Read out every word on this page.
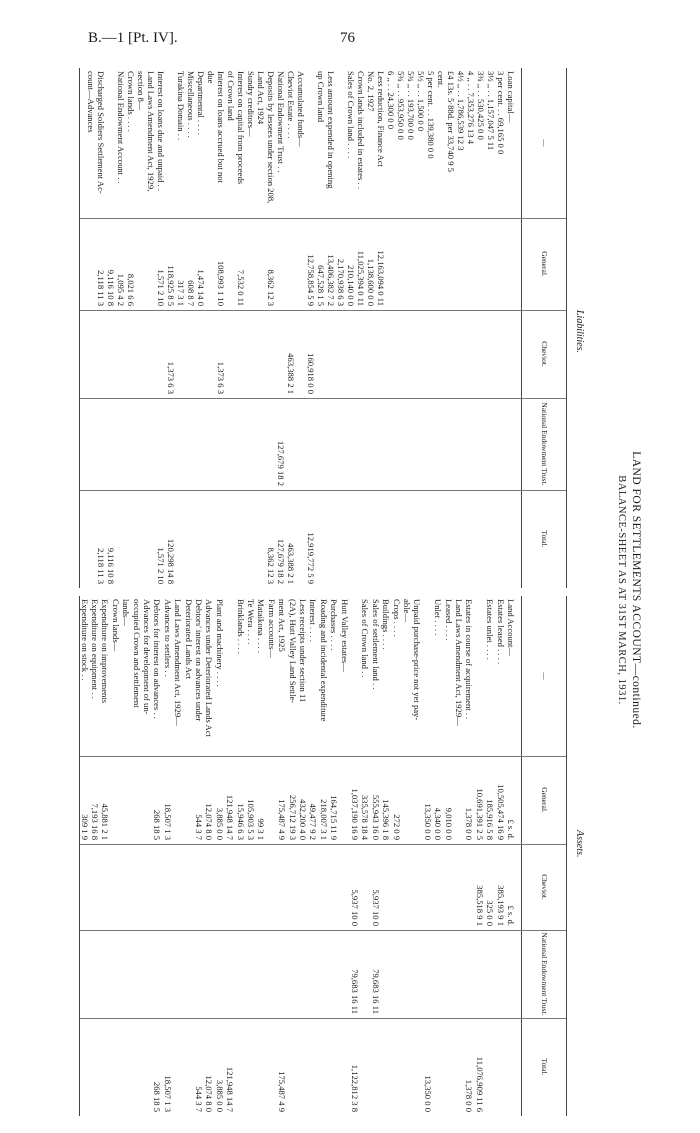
B.—1 [Pt. IV].	76
LAND FOR SETTLEMENTS ACCOUNT—continued.
BALANCE-SHEET AS AT 31ST MARCH, 1931.
Liabilities.
Assets.
—
General.
Cheviot.
National Endowment Trust.
Total.
Loan capital—
3 per cent. . . 69,165 0 0
3½ ,, . . 1,157,047 5 11
3¾ ,, . . 530,425 0 0
4 ,, . . 7,353,276 13 4
4½ ,, . . 1,786,539 12 3
£4 13s. 5·88d. per 33,740 9 5
cent.
5 per cent. . . 139,380 0 0
5½ ,, . . 1,500 0 0
5¾ ,, . . 193,700 0 0
5¾ ,, . . 953,950 0 0
6 ,, . . 24,300 0 0
Less reduction, Finance Act
12,163,094 0 11
No. 2, 1927
1,138,600 0 0
Crown lands included in estates . .
11,025,394 0 11
Sales of Crown land . . . .
210,140 0 0
2,170,938 6 3
Less amount expended in opening
13,406,382 7 2
up Crown land
647,528 1 5
12,758,854 5 9
160,918 0 0
12,919,772 5 9
Accumulated funds—
Cheviot Estate . . . .
463,388 2 1
463,388 2 1
National Endowment Trust . .
127,679 18 2
127,679 18 2
Deposits by lessees under section 208,
8,362 12 3
8,362 12 3
Land Act, 1924
Sundry creditors—
Interest on capital from proceeds
7,532 0 11
of Crown land
Interest on loans accrued but not
108,993 1 10
1,373 6 3
due
Departmental . . . .
1,474 14 0
Miscellaneous . . . .
608 8 7
Turakina Domain . .
317 3 1
118,925 8 5
1,373 6 3
120,298 14 8
Interest on loans due and unpaid . .
1,571 2 10
1,571 2 10
Land Laws Amendment Act, 1929,
section 8—
Crown lands . . . .
8,021 6 6
National Endowment Account . .
1,095 4 2
9,116 10 8
9,116 10 8
Discharged Soldiers Settlement Ac-
2,118 11 3
2,118 11 3
count—Advances
—
General.
Cheviot.
National Endowment Trust.
Total.
Land Account—
£ s. d.
£ s. d.
Estates leased . . . .
10,505,474 16 9
385,193 9 1
Estates unlet . . . .
185,916 5 8
325 0 0
10,691,391 2 5
385,518 9 1
11,076,909 11 6
Estates in course of acquirement . .
1,378 0 0
1,378 0 0
Land Laws Amendment Act, 1929—
Leased . . . .
9,010 0 0
Unlet . . . .
4,340 0 0
13,350 0 0
13,350 0 0
Unpaid purchase-price not yet pay-
able—
Crops . . . .
272 0 9
Buildings . . . .
145,396 1 8
Sales of settlement land . .
555,943 16 0
5,937 10 0
79,683 16 11
Sales of Crown land . .
335,578 18 4
1,037,190 16 9
5,937 10 0
79,683 16 11
1,122,812 3 8
Hutt Valley estates—
Purchases . . . .
164,715 11 9
Roading and incidental expenditure
218,007 3 1
Interest . . . .
49,477 9 2
Less receipts under section 11
432,200 4 0
(2A), Hutt Valley Land Settle-
256,712 19 3
ment Act, 1925
175,487 4 9
175,487 4 9
Farm accounts—
Mataikona . . . .
99 3 1
Te Wera . . . .
105,903 5 3
Brinklands . . . .
15,946 6 3
121,948 14 7
121,948 14 7
Plant and machinery . . . .
3,885 0 0
3,885 0 0
Advances under Deteriorated Lands Act
12,074 8 0
12,074 8 0
Debtors' interest on advances under
544 3 7
544 3 7
Deteriorated Lands Act
Land Laws Amendment Act, 1929—
Advances to settlers . .
18,507 1 3
18,507 1 3
Debtors for interest on advances . .
268 18 5
268 18 5
Advances for development of un-
occupied Crown and settlement
lands—
Crown lands—
Expenditure on improvements
45,881 2 1
Expenditure on equipment . .
7,193 16 8
Expenditure on stock . .
309 1 9
